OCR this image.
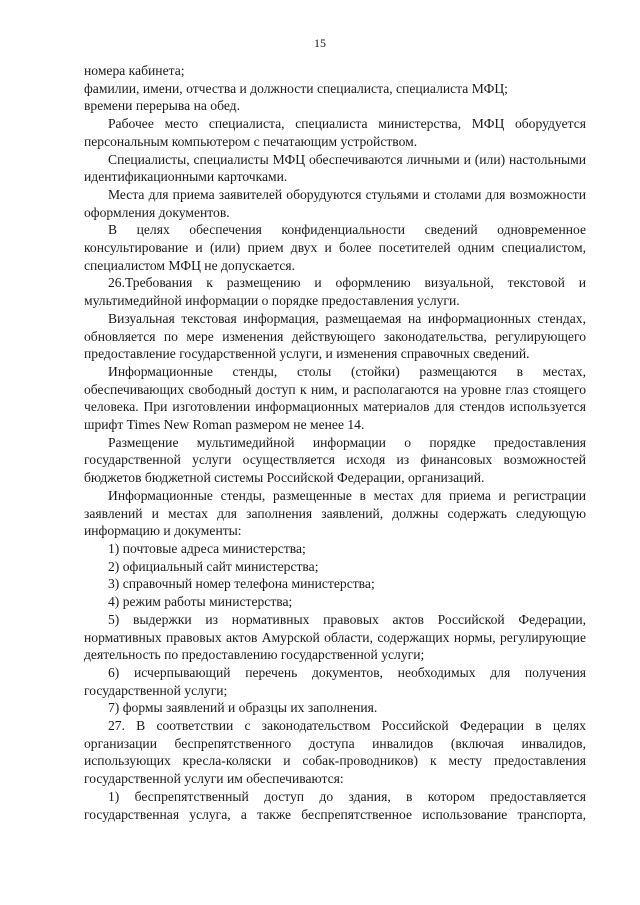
15

номера кабинета;

фамилии, имени, отчества и должности специалиста, специалиста МФЦ;

времени перерыва на обед.

Рабочее место специалиста, специалиста министерства, МФЦ оборудуется персональным компьютером с печатающим устройством.

Специалисты, специалисты МФЦ обеспечиваются личными и (или) настольными идентификационными карточками.

Места для приема заявителей оборудуются стульями и столами для возможности оформления документов.

В целях обеспечения конфиденциальности сведений одновременное консультирование и (или) прием двух и более посетителей одним специалистом, специалистом МФЦ не допускается.

26.Требования к размещению и оформлению визуальной, текстовой и мультимедийной информации о порядке предоставления услуги.

Визуальная текстовая информация, размещаемая на информационных стендах, обновляется по мере изменения действующего законодательства, регулирующего предоставление государственной услуги, и изменения справочных сведений.

Информационные стенды, столы (стойки) размещаются в местах, обеспечивающих свободный доступ к ним, и располагаются на уровне глаз стоящего человека. При изготовлении информационных материалов для стендов используется шрифт Times New Roman размером не менее 14.

Размещение мультимедийной информации о порядке предоставления государственной услуги осуществляется исходя из финансовых возможностей бюджетов бюджетной системы Российской Федерации, организаций.

Информационные стенды, размещенные в местах для приема и регистрации заявлений и местах для заполнения заявлений, должны содержать следующую информацию и документы:

1) почтовые адреса министерства;

2) официальный сайт министерства;

3) справочный номер телефона министерства;

4) режим работы министерства;

5) выдержки из нормативных правовых актов Российской Федерации, нормативных правовых актов Амурской области, содержащих нормы, регулирующие деятельность по предоставлению государственной услуги;

6) исчерпывающий перечень документов, необходимых для получения государственной услуги;

7) формы заявлений и образцы их заполнения.

27. В соответствии с законодательством Российской Федерации в целях организации беспрепятственного доступа инвалидов (включая инвалидов, использующих кресла-коляски и собак-проводников) к месту предоставления государственной услуги им обеспечиваются:

1) беспрепятственный доступ до здания, в котором предоставляется государственная услуга, а также беспрепятственное использование транспорта,
